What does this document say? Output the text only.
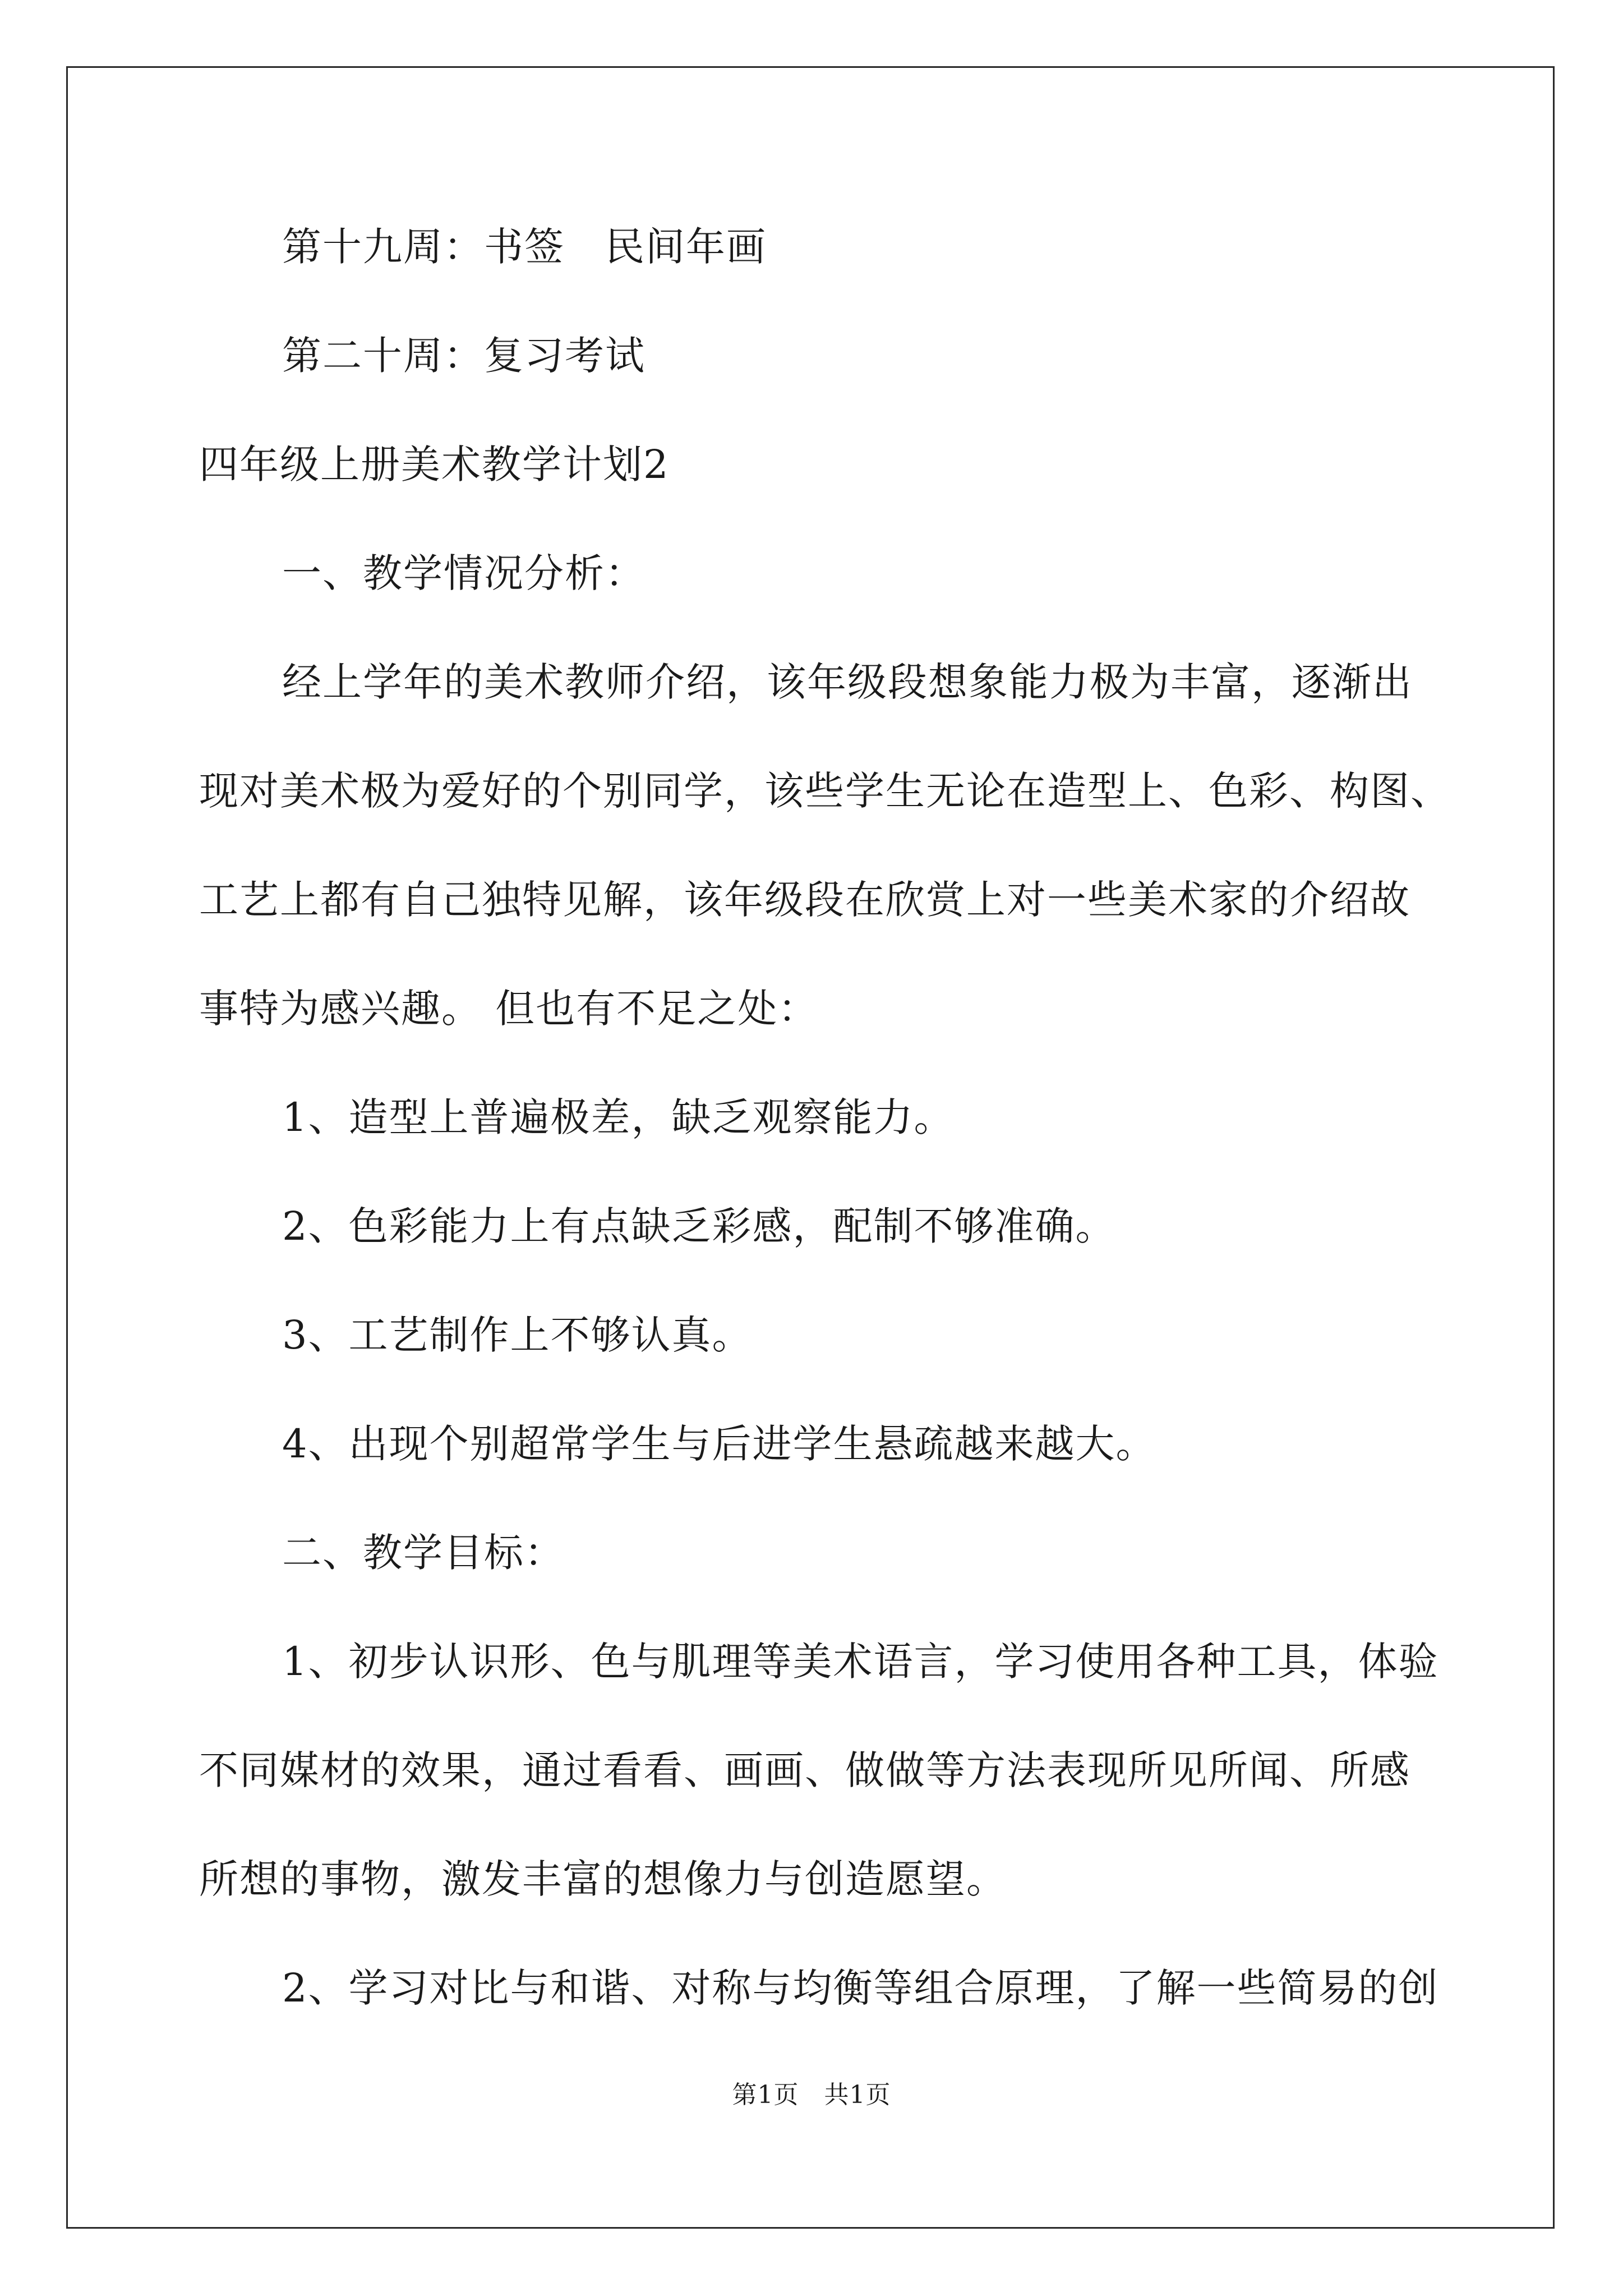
第十九周：书签　民间年画
第二十周：复习考试
四年级上册美术教学计划2
一、教学情况分析：
经上学年的美术教师介绍，该年级段想象能力极为丰富，逐渐出
现对美术极为爱好的个别同学，该些学生无论在造型上、色彩、构图、
工艺上都有自己独特见解，该年级段在欣赏上对一些美术家的介绍故
事特为感兴趣。 但也有不足之处：
1、造型上普遍极差，缺乏观察能力。
2、色彩能力上有点缺乏彩感，配制不够准确。
3、工艺制作上不够认真。
4、出现个别超常学生与后进学生悬疏越来越大。
二、教学目标：
1、初步认识形、色与肌理等美术语言，学习使用各种工具，体验
不同媒材的效果，通过看看、画画、做做等方法表现所见所闻、所感
所想的事物，激发丰富的想像力与创造愿望。
2、学习对比与和谐、对称与均衡等组合原理，了解一些简易的创
第1页　共1页
